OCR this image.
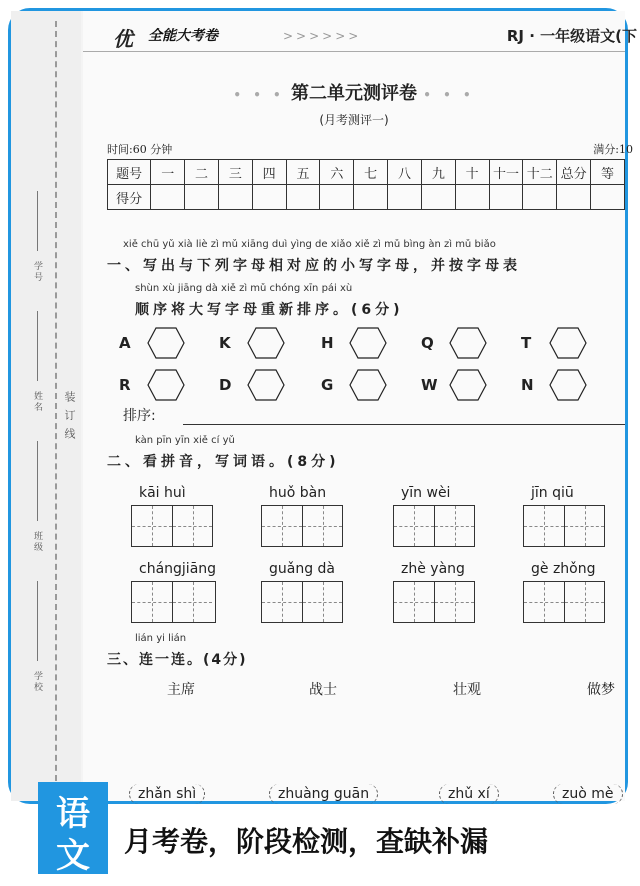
学号
姓名 装 订 线
班级
学校
优 全能大考卷	>>>>>>	RJ · 一年级语文(下
• • • 第二单元测评卷 • • •
(月考测评一)
时间:60 分钟	满分:10
题号	一	二	三	四	五	六	七	八	九	十	十一	十二	总分	等
得分														
xiě chū yǔ xià liè zì mǔ xiāng duì yìng de xiǎo xiě zì mǔ bìng àn zì mǔ biǎo
一、写出与下列字母相对应的小写字母，并按字母表
shùn xù jiāng dà xiě zì mǔ chóng xīn pái xù
顺序将大写字母重新排序。(6分)
A	K	H	Q	T
R	D	G	W	N
排序:
kàn pīn yīn xiě cí yǔ
二、看拼音，写词语。(8分)
kāi huì	huǒ bàn	yīn wèi	jīn qiū
chángjiāng	guǎng dà	zhè yàng	gè zhǒng
lián yi lián
三、连一连。(4分)
主席	战士	壮观	做梦
zhǎn shì	zhuàng guān	zhǔ xí	zuò mè
语
文	月考卷，阶段检测，查缺补漏
